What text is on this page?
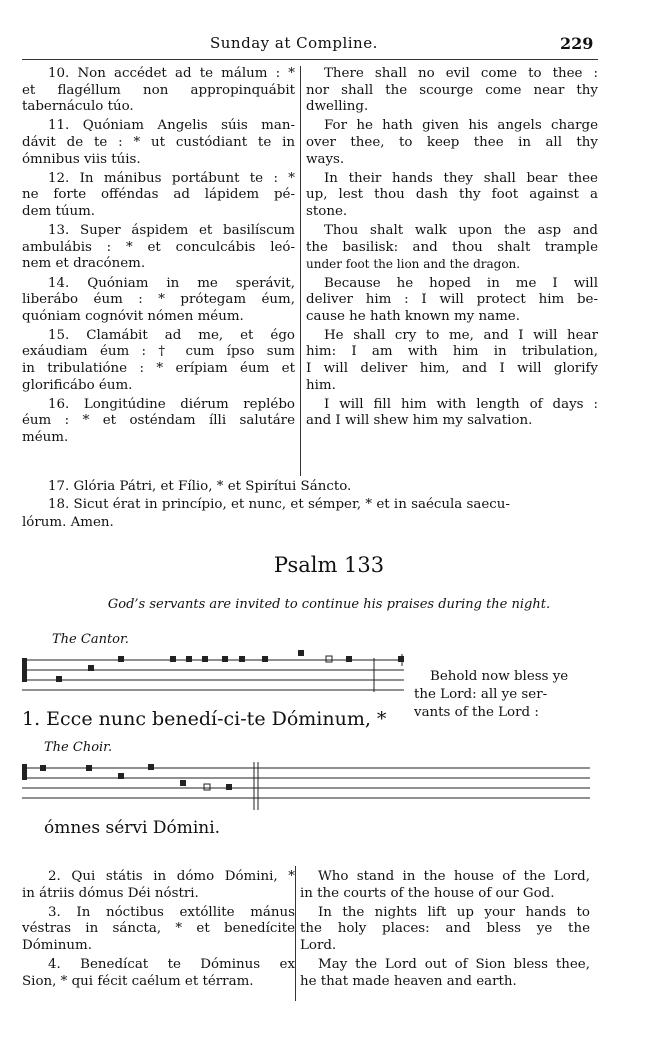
Sunday at Compline.	229
10. Non accédet ad te málum : *
et flagéllum non appropinquábit
tabernáculo túo.
11. Quóniam Angelis súis man-
dávit de te : * ut custódiant te in
ómnibus viis túis.
12. In mánibus portábunt te : *
ne forte offéndas ad lápidem pé-
dem túum.
13. Super áspidem et basilíscum
ambulábis : * et conculcábis leó-
nem et dracónem.
14. Quóniam in me sperávit,
liberábo éum : * prótegam éum,
quóniam cognóvit nómen méum.
15. Clamábit ad me, et égo
exáudiam éum : † cum ípso sum
in tribulatióne : * erípiam éum et
glorificábo éum.
16. Longitúdine diérum replébo
éum : * et osténdam ílli salutáre
méum.
There shall no evil come to thee :
nor shall the scourge come near thy
dwelling.
For he hath given his angels charge
over thee, to keep thee in all thy
ways.
In their hands they shall bear thee
up, lest thou dash thy foot against a
stone.
Thou shalt walk upon the asp and
the basilisk: and thou shalt trample
under foot the lion and the dragon.
Because he hoped in me I will
deliver him : I will protect him be-
cause he hath known my name.
He shall cry to me, and I will hear
him: I am with him in tribulation,
I will deliver him, and I will glorify
him.
I will fill him with length of days :
and I will shew him my salvation.
17. Glória Pátri, et Fílio, * et Spirítui Sáncto.
18. Sicut érat in princípio, et nunc, et sémper, * et in saécula saecu-
lórum. Amen.
Psalm 133
God’s servants are invited to continue his praises during the night.
The Cantor.
1. Ecce nunc benedí-ci-te Dóminum, *
Behold now bless ye
the Lord: all ye ser-
vants of the Lord :
The Choir.
ómnes sérvi Dómini.
2. Qui státis in dómo Dómini, *
in átriis dómus Déi nóstri.
3. In nóctibus extóllite mánus
véstras in sáncta, * et benedícite
Dóminum.
4. Benedícat te Dóminus ex
Sion, * qui fécit caélum et térram.
Who stand in the house of the Lord,
in the courts of the house of our God.
In the nights lift up your hands to
the holy places: and bless ye the
Lord.
May the Lord out of Sion bless thee,
he that made heaven and earth.
